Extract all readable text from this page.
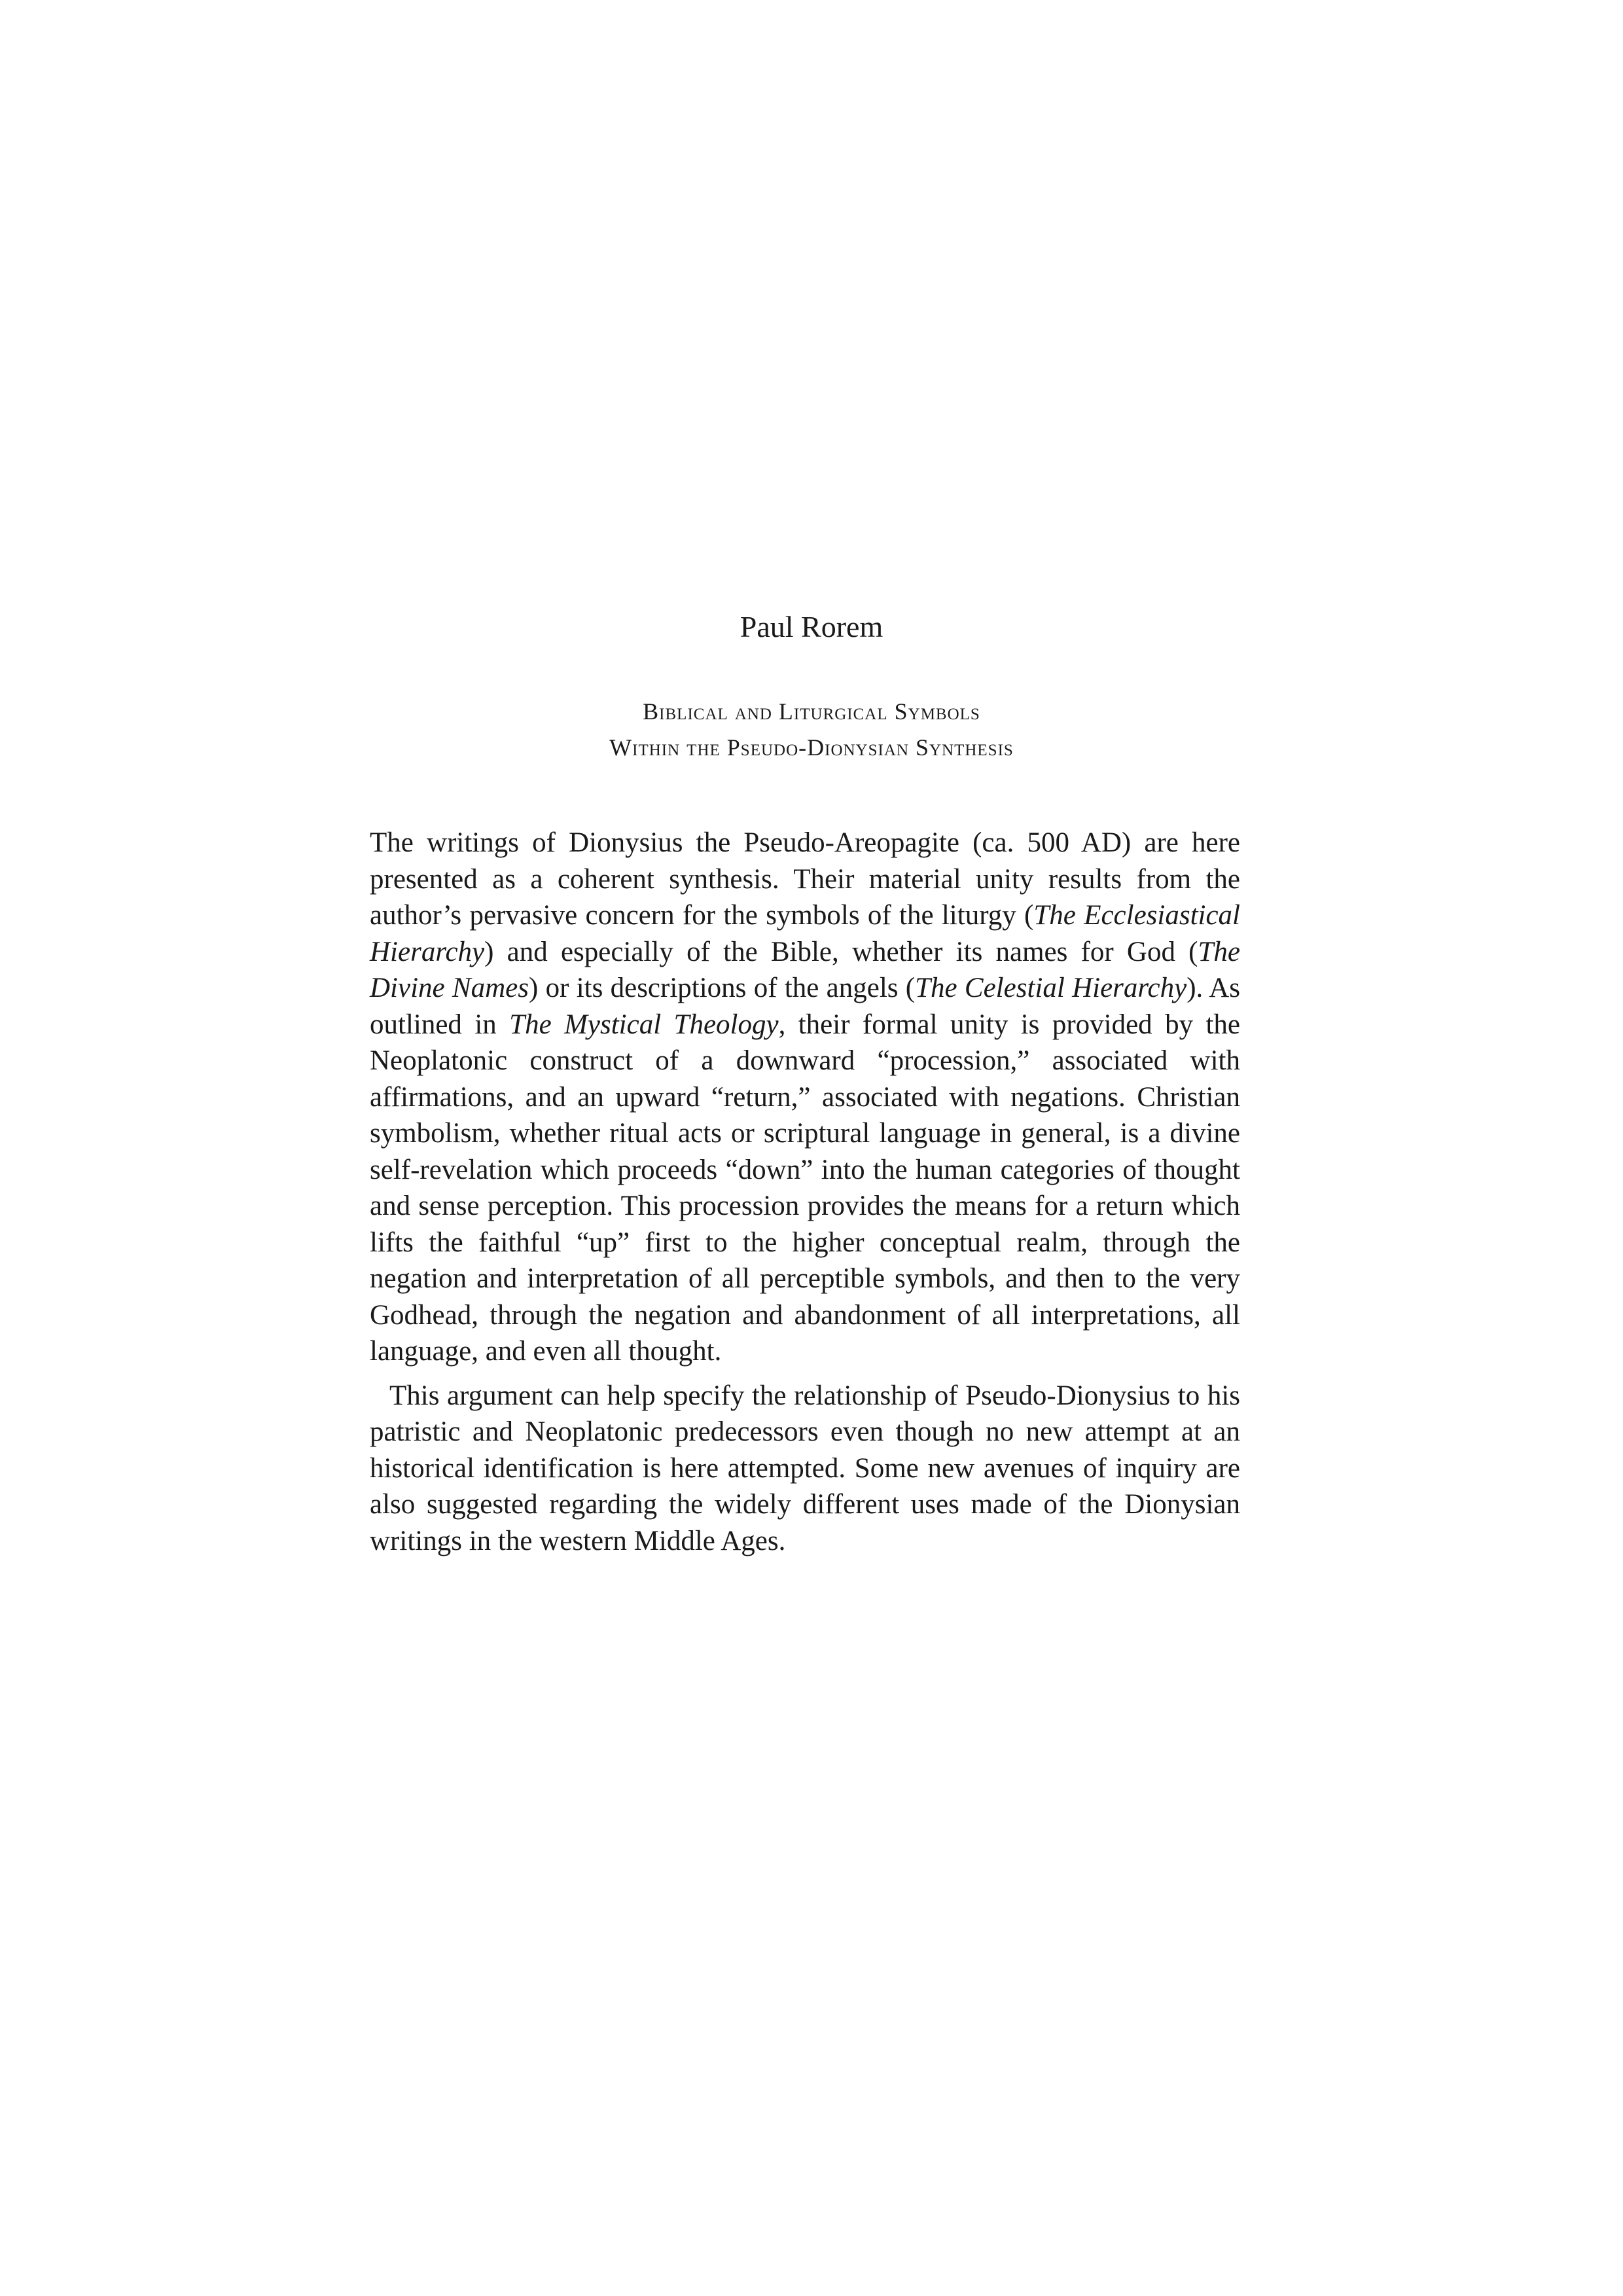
Paul Rorem
Biblical and Liturgical Symbols
Within the Pseudo-Dionysian Synthesis

The writings of Dionysius the Pseudo-Areopagite (ca. 500 AD) are here presented as a coherent synthesis. Their material unity results from the author’s pervasive concern for the symbols of the liturgy (The Ecclesiastical Hierarchy) and especially of the Bible, whether its names for God (The Divine Names) or its descriptions of the angels (The Celestial Hierarchy). As outlined in The Mystical Theology, their formal unity is provided by the Neoplatonic construct of a downward “procession,” associated with affirmations, and an upward “return,” associated with negations. Christian symbolism, whether ritual acts or scriptural language in general, is a divine self-revelation which proceeds “down” into the human categories of thought and sense perception. This procession provides the means for a return which lifts the faithful “up” first to the higher conceptual realm, through the negation and interpretation of all perceptible symbols, and then to the very Godhead, through the negation and abandonment of all interpretations, all language, and even all thought.

This argument can help specify the relationship of Pseudo-Dionysius to his patristic and Neoplatonic predecessors even though no new attempt at an historical identification is here attempted. Some new avenues of inquiry are also suggested regarding the widely different uses made of the Dionysian writings in the western Middle Ages.
